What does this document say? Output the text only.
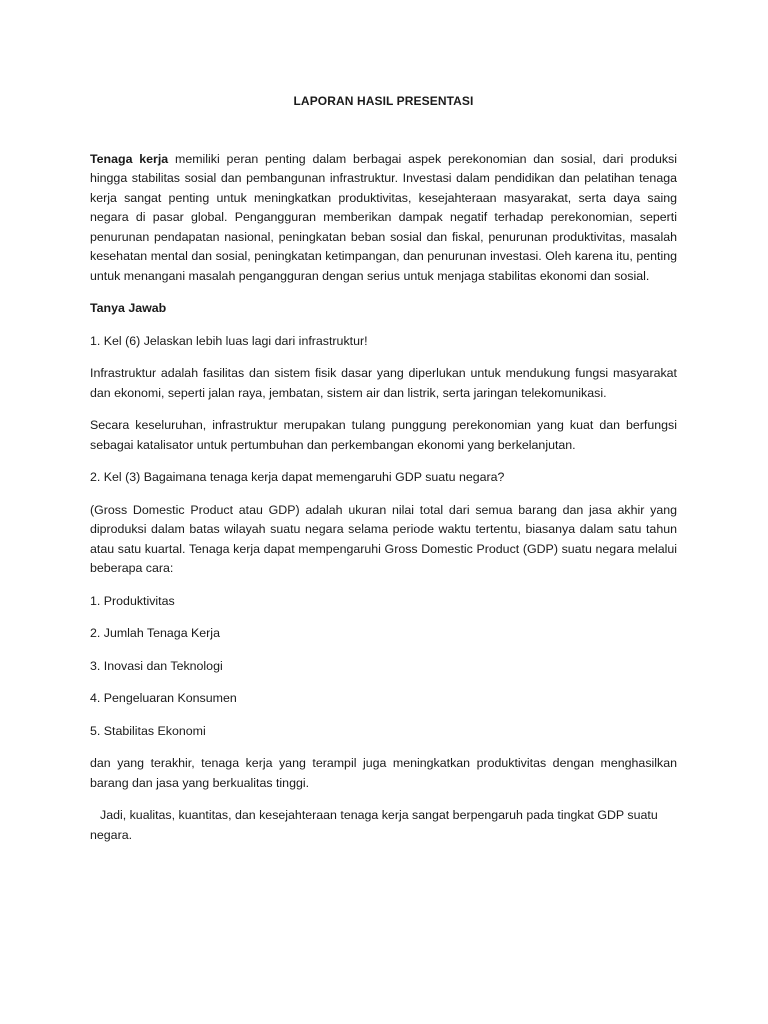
LAPORAN HASIL PRESENTASI

Tenaga kerja memiliki peran penting dalam berbagai aspek perekonomian dan sosial, dari produksi hingga stabilitas sosial dan pembangunan infrastruktur. Investasi dalam pendidikan dan pelatihan tenaga kerja sangat penting untuk meningkatkan produktivitas, kesejahteraan masyarakat, serta daya saing negara di pasar global. Pengangguran memberikan dampak negatif terhadap perekonomian, seperti penurunan pendapatan nasional, peningkatan beban sosial dan fiskal, penurunan produktivitas, masalah kesehatan mental dan sosial, peningkatan ketimpangan, dan penurunan investasi. Oleh karena itu, penting untuk menangani masalah pengangguran dengan serius untuk menjaga stabilitas ekonomi dan sosial.

Tanya Jawab

1. Kel (6) Jelaskan lebih luas lagi dari infrastruktur!

Infrastruktur adalah fasilitas dan sistem fisik dasar yang diperlukan untuk mendukung fungsi masyarakat dan ekonomi, seperti jalan raya, jembatan, sistem air dan listrik, serta jaringan telekomunikasi.

Secara keseluruhan, infrastruktur merupakan tulang punggung perekonomian yang kuat dan berfungsi sebagai katalisator untuk pertumbuhan dan perkembangan ekonomi yang berkelanjutan.

2. Kel (3) Bagaimana tenaga kerja dapat memengaruhi GDP suatu negara?

(Gross Domestic Product atau GDP) adalah ukuran nilai total dari semua barang dan jasa akhir yang diproduksi dalam batas wilayah suatu negara selama periode waktu tertentu, biasanya dalam satu tahun atau satu kuartal. Tenaga kerja dapat mempengaruhi Gross Domestic Product (GDP) suatu negara melalui beberapa cara:

1. Produktivitas

2. Jumlah Tenaga Kerja

3. Inovasi dan Teknologi

4. Pengeluaran Konsumen

5. Stabilitas Ekonomi

dan yang terakhir, tenaga kerja yang terampil juga meningkatkan produktivitas dengan menghasilkan barang dan jasa yang berkualitas tinggi.

Jadi, kualitas, kuantitas, dan kesejahteraan tenaga kerja sangat berpengaruh pada tingkat GDP suatu negara.
